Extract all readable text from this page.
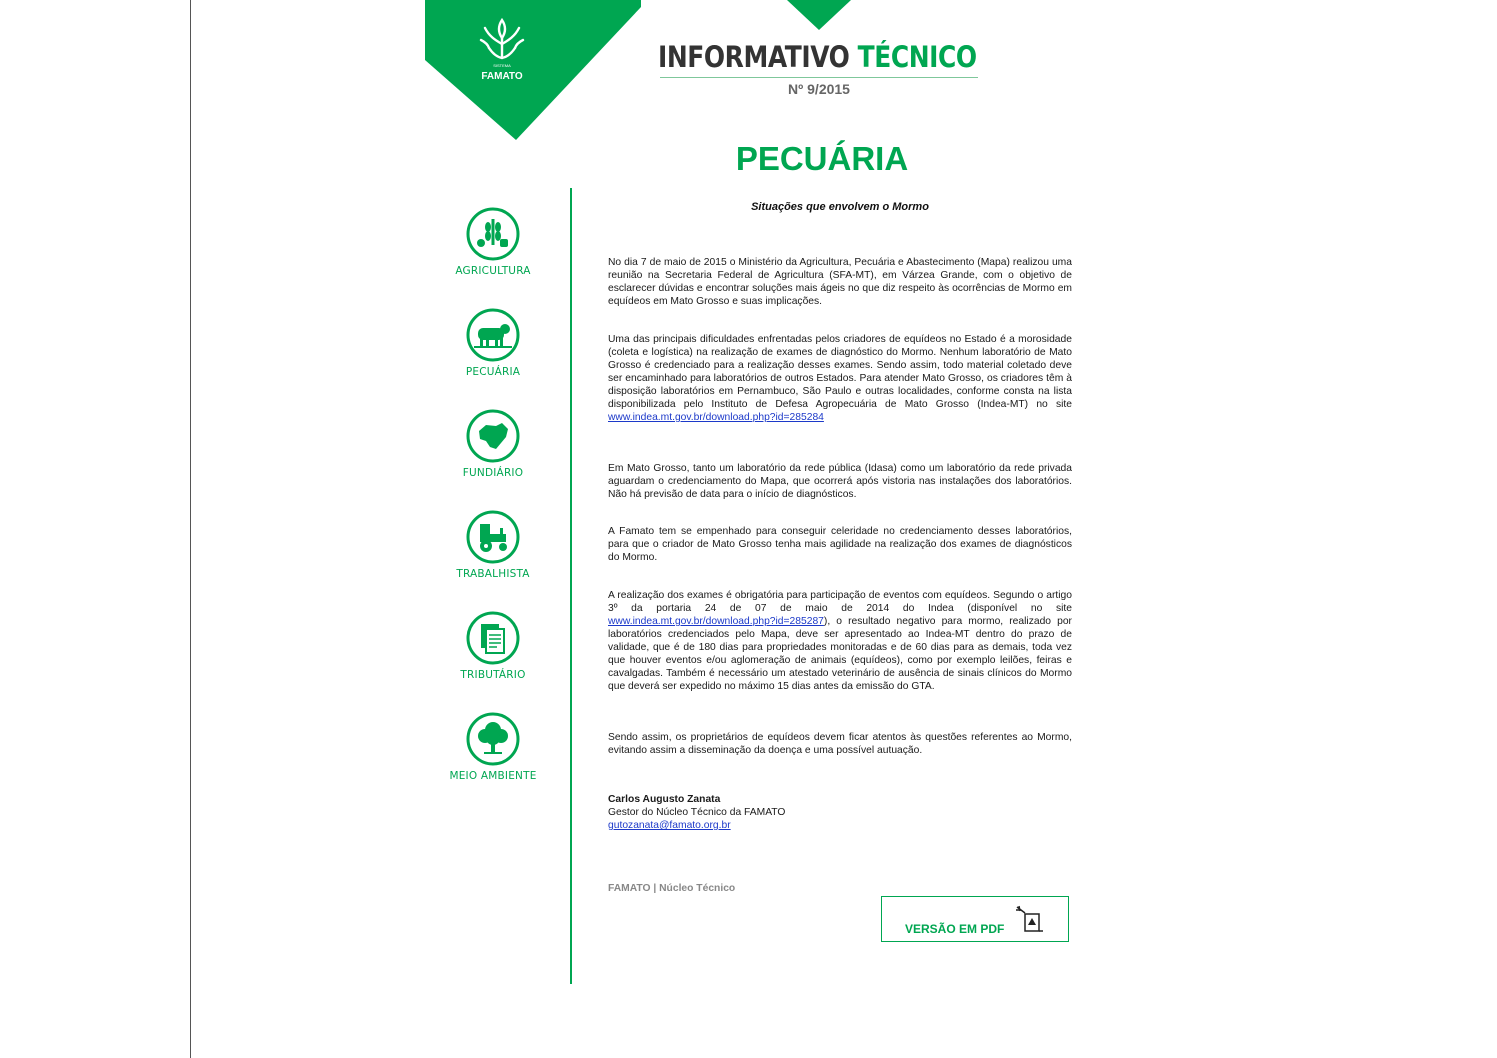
SISTEMA
FAMATO
INFORMATIVO TÉCNICO
Nº 9/2015
PECUÁRIA
AGRICULTURA
PECUÁRIA
FUNDIÁRIO
TRABALHISTA
TRIBUTÁRIO
MEIO AMBIENTE

Situações que envolvem o Mormo

No dia 7 de maio de 2015 o Ministério da Agricultura, Pecuária e Abastecimento (Mapa) realizou uma reunião na Secretaria Federal de Agricultura (SFA-MT), em Várzea Grande, com o objetivo de esclarecer dúvidas e encontrar soluções mais ágeis no que diz respeito às ocorrências de Mormo em equídeos em Mato Grosso e suas implicações.

Uma das principais dificuldades enfrentadas pelos criadores de equídeos no Estado é a morosidade (coleta e logística) na realização de exames de diagnóstico do Mormo. Nenhum laboratório de Mato Grosso é credenciado para a realização desses exames. Sendo assim, todo material coletado deve ser encaminhado para laboratórios de outros Estados. Para atender Mato Grosso, os criadores têm à disposição laboratórios em Pernambuco, São Paulo e outras localidades, conforme consta na lista disponibilizada pelo Instituto de Defesa Agropecuária de Mato Grosso (Indea-MT) no site www.indea.mt.gov.br/download.php?id=285284

Em Mato Grosso, tanto um laboratório da rede pública (Idasa) como um laboratório da rede privada aguardam o credenciamento do Mapa, que ocorrerá após vistoria nas instalações dos laboratórios. Não há previsão de data para o início de diagnósticos.

A Famato tem se empenhado para conseguir celeridade no credenciamento desses laboratórios, para que o criador de Mato Grosso tenha mais agilidade na realização dos exames de diagnósticos do Mormo.

A realização dos exames é obrigatória para participação de eventos com equídeos. Segundo o artigo 3º da portaria 24 de 07 de maio de 2014 do Indea (disponível no site www.indea.mt.gov.br/download.php?id=285287), o resultado negativo para mormo, realizado por laboratórios credenciados pelo Mapa, deve ser apresentado ao Indea-MT dentro do prazo de validade, que é de 180 dias para propriedades monitoradas e de 60 dias para as demais, toda vez que houver eventos e/ou aglomeração de animais (equídeos), como por exemplo leilões, feiras e cavalgadas. Também é necessário um atestado veterinário de ausência de sinais clínicos do Mormo que deverá ser expedido no máximo 15 dias antes da emissão do GTA.

Sendo assim, os proprietários de equídeos devem ficar atentos às questões referentes ao Mormo, evitando assim a disseminação da doença e uma possível autuação.

Carlos Augusto Zanata
Gestor do Núcleo Técnico da FAMATO
gutozanata@famato.org.br
FAMATO | Núcleo Técnico
VERSÃO EM PDF
